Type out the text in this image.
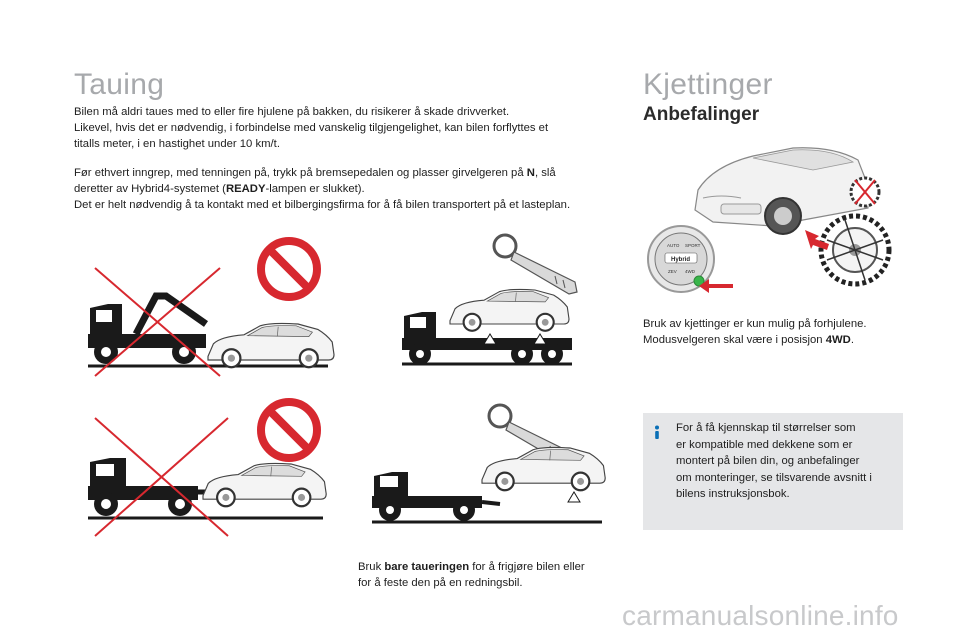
Tauing
Bilen må aldri taues med to eller fire hjulene på bakken, du risikerer å skade drivverket.
Likevel, hvis det er nødvendig, i forbindelse med vanskelig tilgjengelighet, kan bilen forflyttes et
titalls meter, i en hastighet under 10 km/t.
Før ethvert inngrep, med tenningen på, trykk på bremsepedalen og plasser girvelgeren på N, slå
deretter av Hybrid4-systemet (READY-lampen er slukket).
Det er helt nødvendig å ta kontakt med et bilbergingsfirma for å få bilen transportert på et lasteplan.
Bruk bare taueringen for å frigjøre bilen eller
for å feste den på en redningsbil.
Kjettinger
Anbefalinger
AUTO SPORT
Hybrid
ZEV 4WD
Bruk av kjettinger er kun mulig på forhjulene.
Modusvelgeren skal være i posisjon 4WD.
For å få kjennskap til størrelser som
er kompatible med dekkene som er
montert på bilen din, og anbefalinger
om monteringer, se tilsvarende avsnitt i
bilens instruksjonsbok.
carmanualsonline.info
